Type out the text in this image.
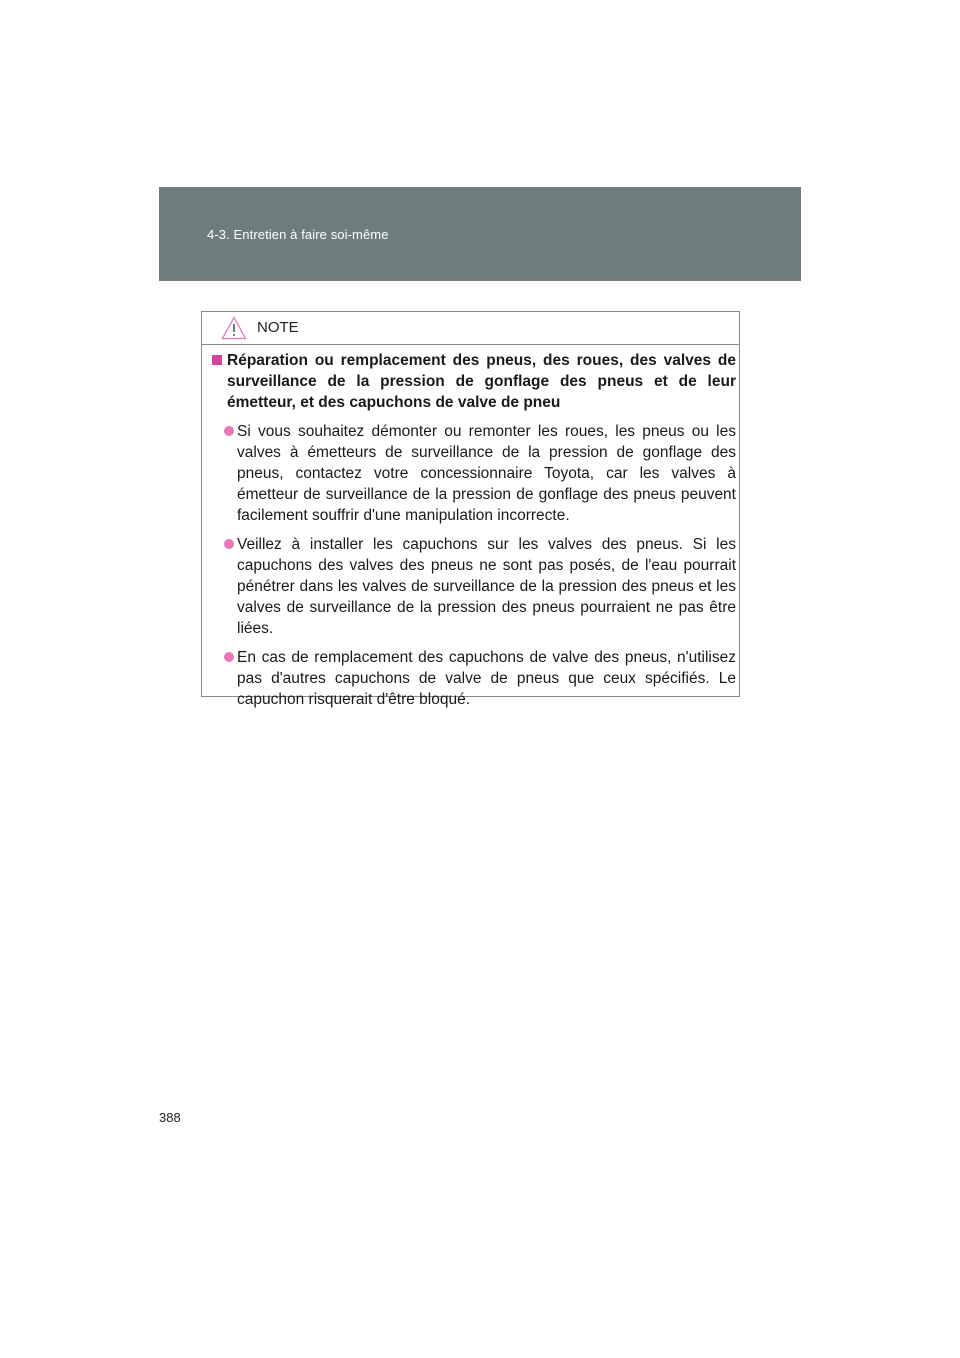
4-3. Entretien à faire soi-même
NOTE
Réparation ou remplacement des pneus, des roues, des valves de surveillance de la pression de gonflage des pneus et de leur émetteur, et des capuchons de valve de pneu
Si vous souhaitez démonter ou remonter les roues, les pneus ou les valves à émetteurs de surveillance de la pression de gonflage des pneus, contactez votre concessionnaire Toyota, car les valves à émetteur de surveillance de la pression de gonflage des pneus peuvent facilement souffrir d'une manipulation incorrecte.
Veillez à installer les capuchons sur les valves des pneus. Si les capuchons des valves des pneus ne sont pas posés, de l'eau pourrait pénétrer dans les valves de surveillance de la pression des pneus et les valves de surveillance de la pression des pneus pourraient ne pas être liées.
En cas de remplacement des capuchons de valve des pneus, n'utilisez pas d'autres capuchons de valve de pneus que ceux spécifiés. Le capuchon risquerait d'être bloqué.
388
